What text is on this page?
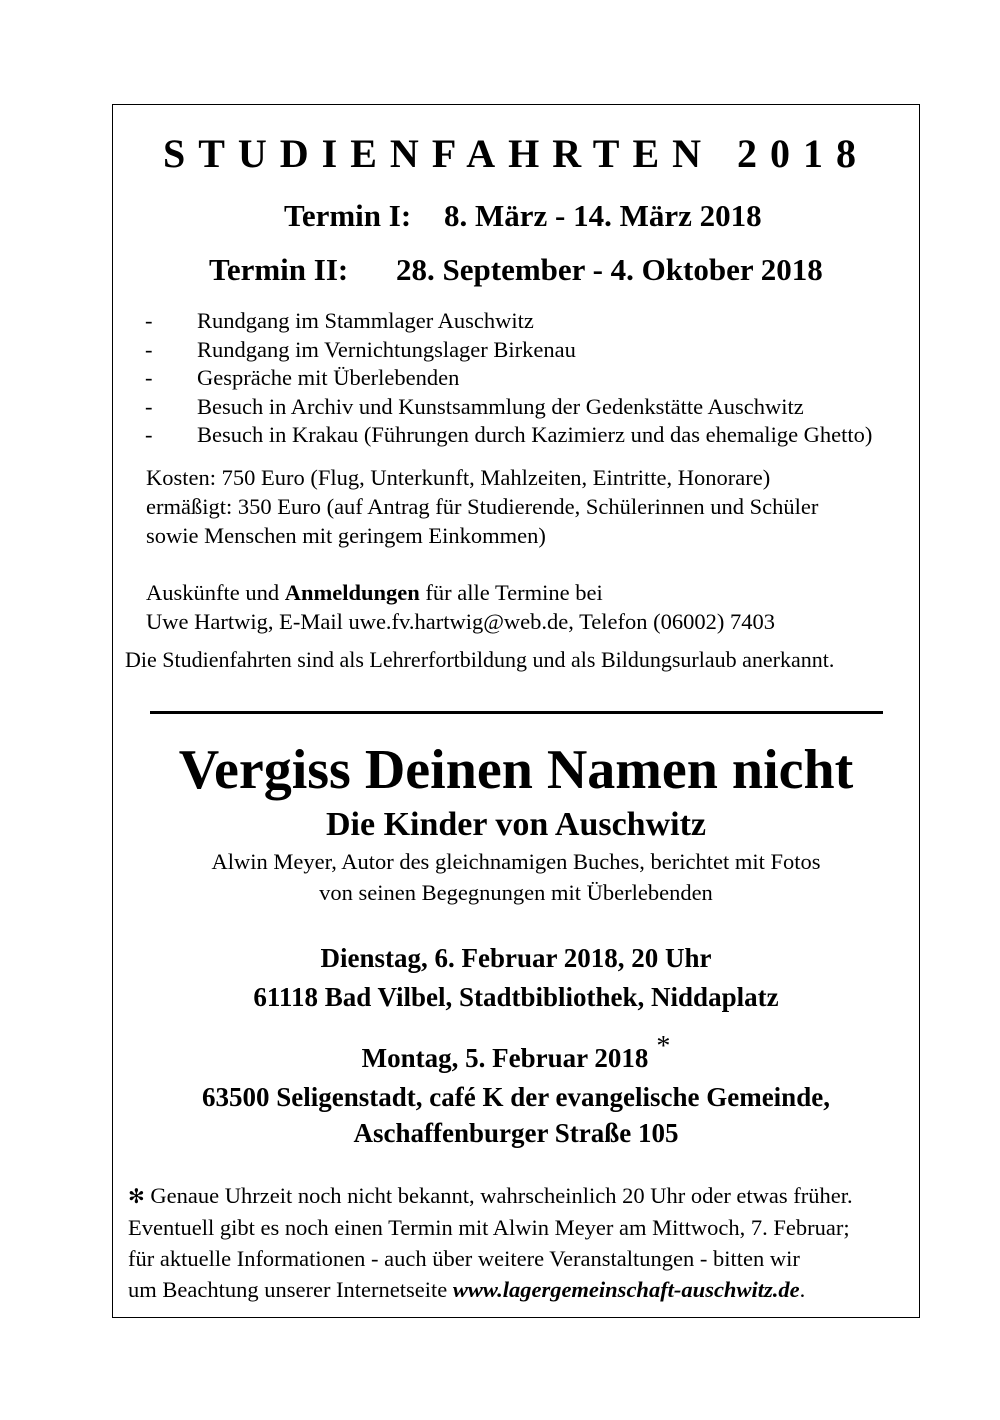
STUDIENFAHRTEN 2018
Termin I: 8. März - 14. März 2018
Termin II: 28. September - 4. Oktober 2018
- Rundgang im Stammlager Auschwitz
- Rundgang im Vernichtungslager Birkenau
- Gespräche mit Überlebenden
- Besuch in Archiv und Kunstsammlung der Gedenkstätte Auschwitz
- Besuch in Krakau (Führungen durch Kazimierz und das ehemalige Ghetto)
Kosten: 750 Euro (Flug, Unterkunft, Mahlzeiten, Eintritte, Honorare)
ermäßigt: 350 Euro (auf Antrag für Studierende, Schülerinnen und Schüler
sowie Menschen mit geringem Einkommen)
Auskünfte und Anmeldungen für alle Termine bei
Uwe Hartwig, E-Mail uwe.fv.hartwig@web.de, Telefon (06002) 7403
Die Studienfahrten sind als Lehrerfortbildung und als Bildungsurlaub anerkannt.
Vergiss Deinen Namen nicht
Die Kinder von Auschwitz
Alwin Meyer, Autor des gleichnamigen Buches, berichtet mit Fotos
von seinen Begegnungen mit Überlebenden
Dienstag, 6. Februar 2018, 20 Uhr
61118 Bad Vilbel, Stadtbibliothek, Niddaplatz
Montag, 5. Februar 2018 *
63500 Seligenstadt, café K der evangelische Gemeinde,
Aschaffenburger Straße 105
✻ Genaue Uhrzeit noch nicht bekannt, wahrscheinlich 20 Uhr oder etwas früher.
Eventuell gibt es noch einen Termin mit Alwin Meyer am Mittwoch, 7. Februar;
für aktuelle Informationen - auch über weitere Veranstaltungen - bitten wir
um Beachtung unserer Internetseite www.lagergemeinschaft-auschwitz.de.
